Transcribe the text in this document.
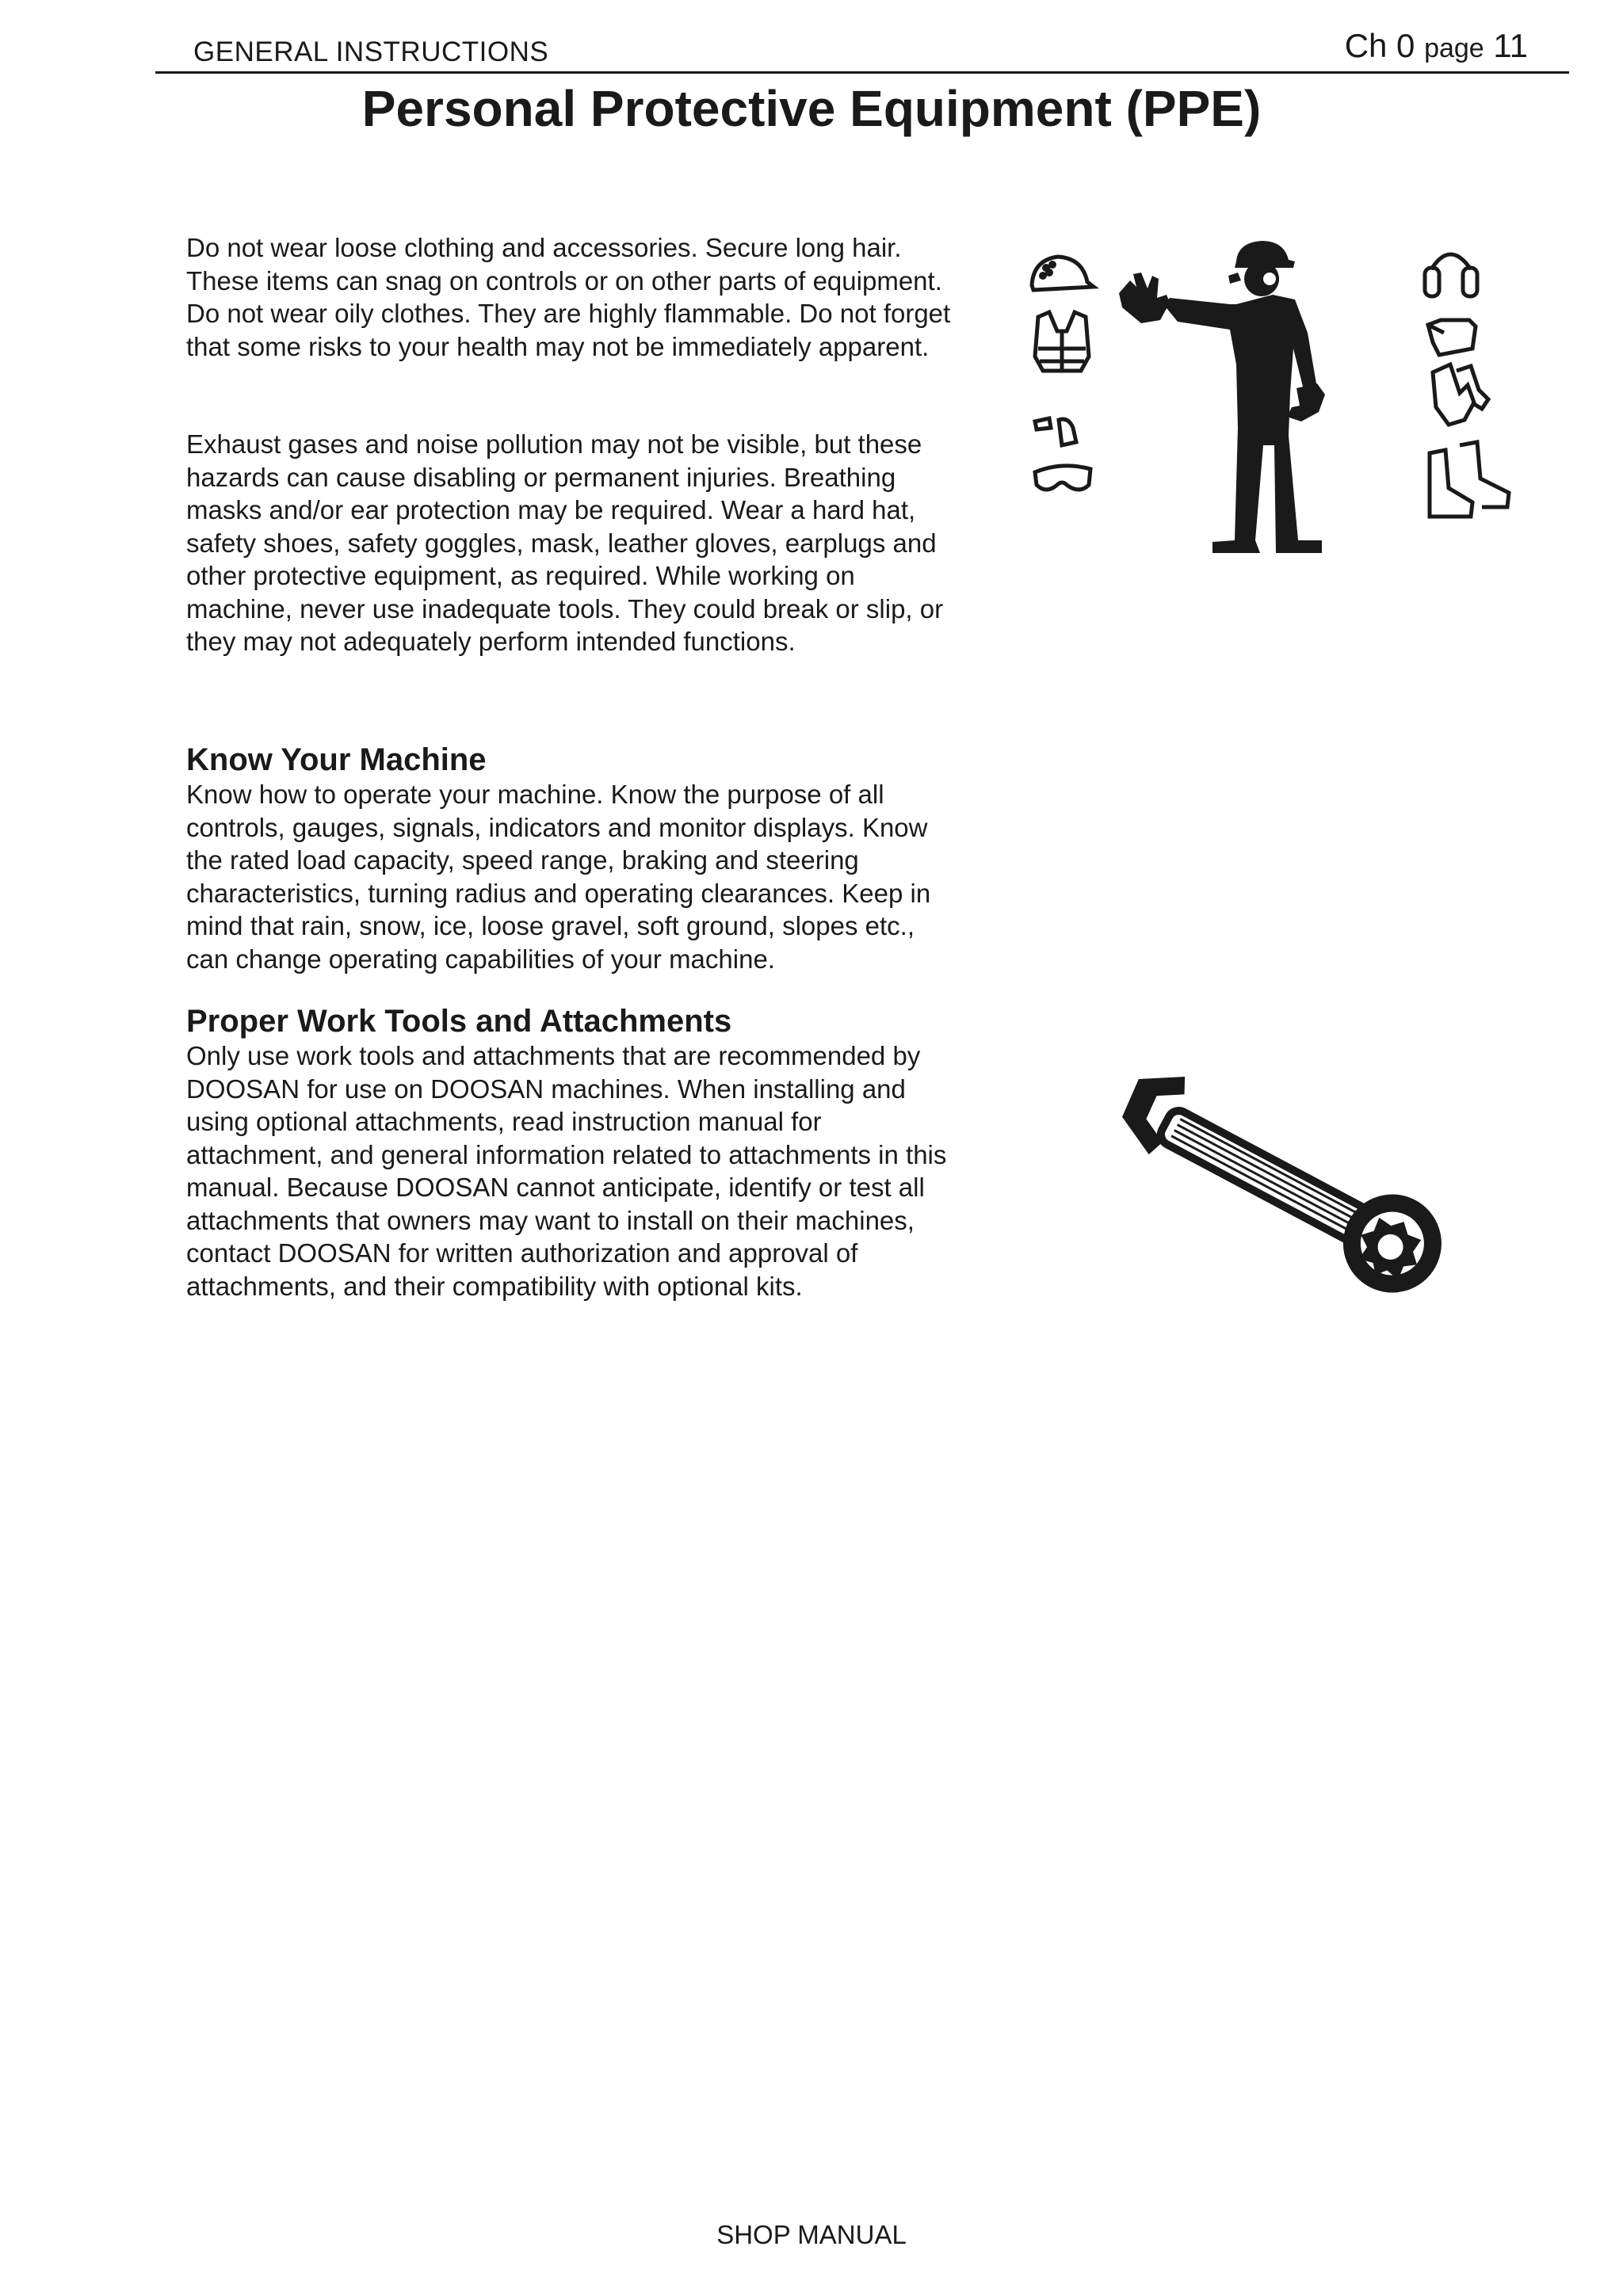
GENERAL INSTRUCTIONS	Ch 0 page 11
Personal Protective Equipment (PPE)

Do not wear loose clothing and accessories. Secure long hair. These items can snag on controls or on other parts of equipment. Do not wear oily clothes. They are highly flammable. Do not forget that some risks to your health may not be immediately apparent.

Exhaust gases and noise pollution may not be visible, but these hazards can cause disabling or permanent injuries. Breathing masks and/or ear protection may be required. Wear a hard hat, safety shoes, safety goggles, mask, leather gloves, earplugs and other protective equipment, as required. While working on machine, never use inadequate tools. They could break or slip, or they may not adequately perform intended functions.

Know Your Machine

Know how to operate your machine. Know the purpose of all controls, gauges, signals, indicators and monitor displays. Know the rated load capacity, speed range, braking and steering characteristics, turning radius and operating clearances. Keep in mind that rain, snow, ice, loose gravel, soft ground, slopes etc., can change operating capabilities of your machine.

Proper Work Tools and Attachments

Only use work tools and attachments that are recommended by DOOSAN for use on DOOSAN machines. When installing and using optional attachments, read instruction manual for attachment, and general information related to attachments in this manual. Because DOOSAN cannot anticipate, identify or test all attachments that owners may want to install on their machines, contact DOOSAN for written authorization and approval of attachments, and their compatibility with optional kits.

SHOP MANUAL
